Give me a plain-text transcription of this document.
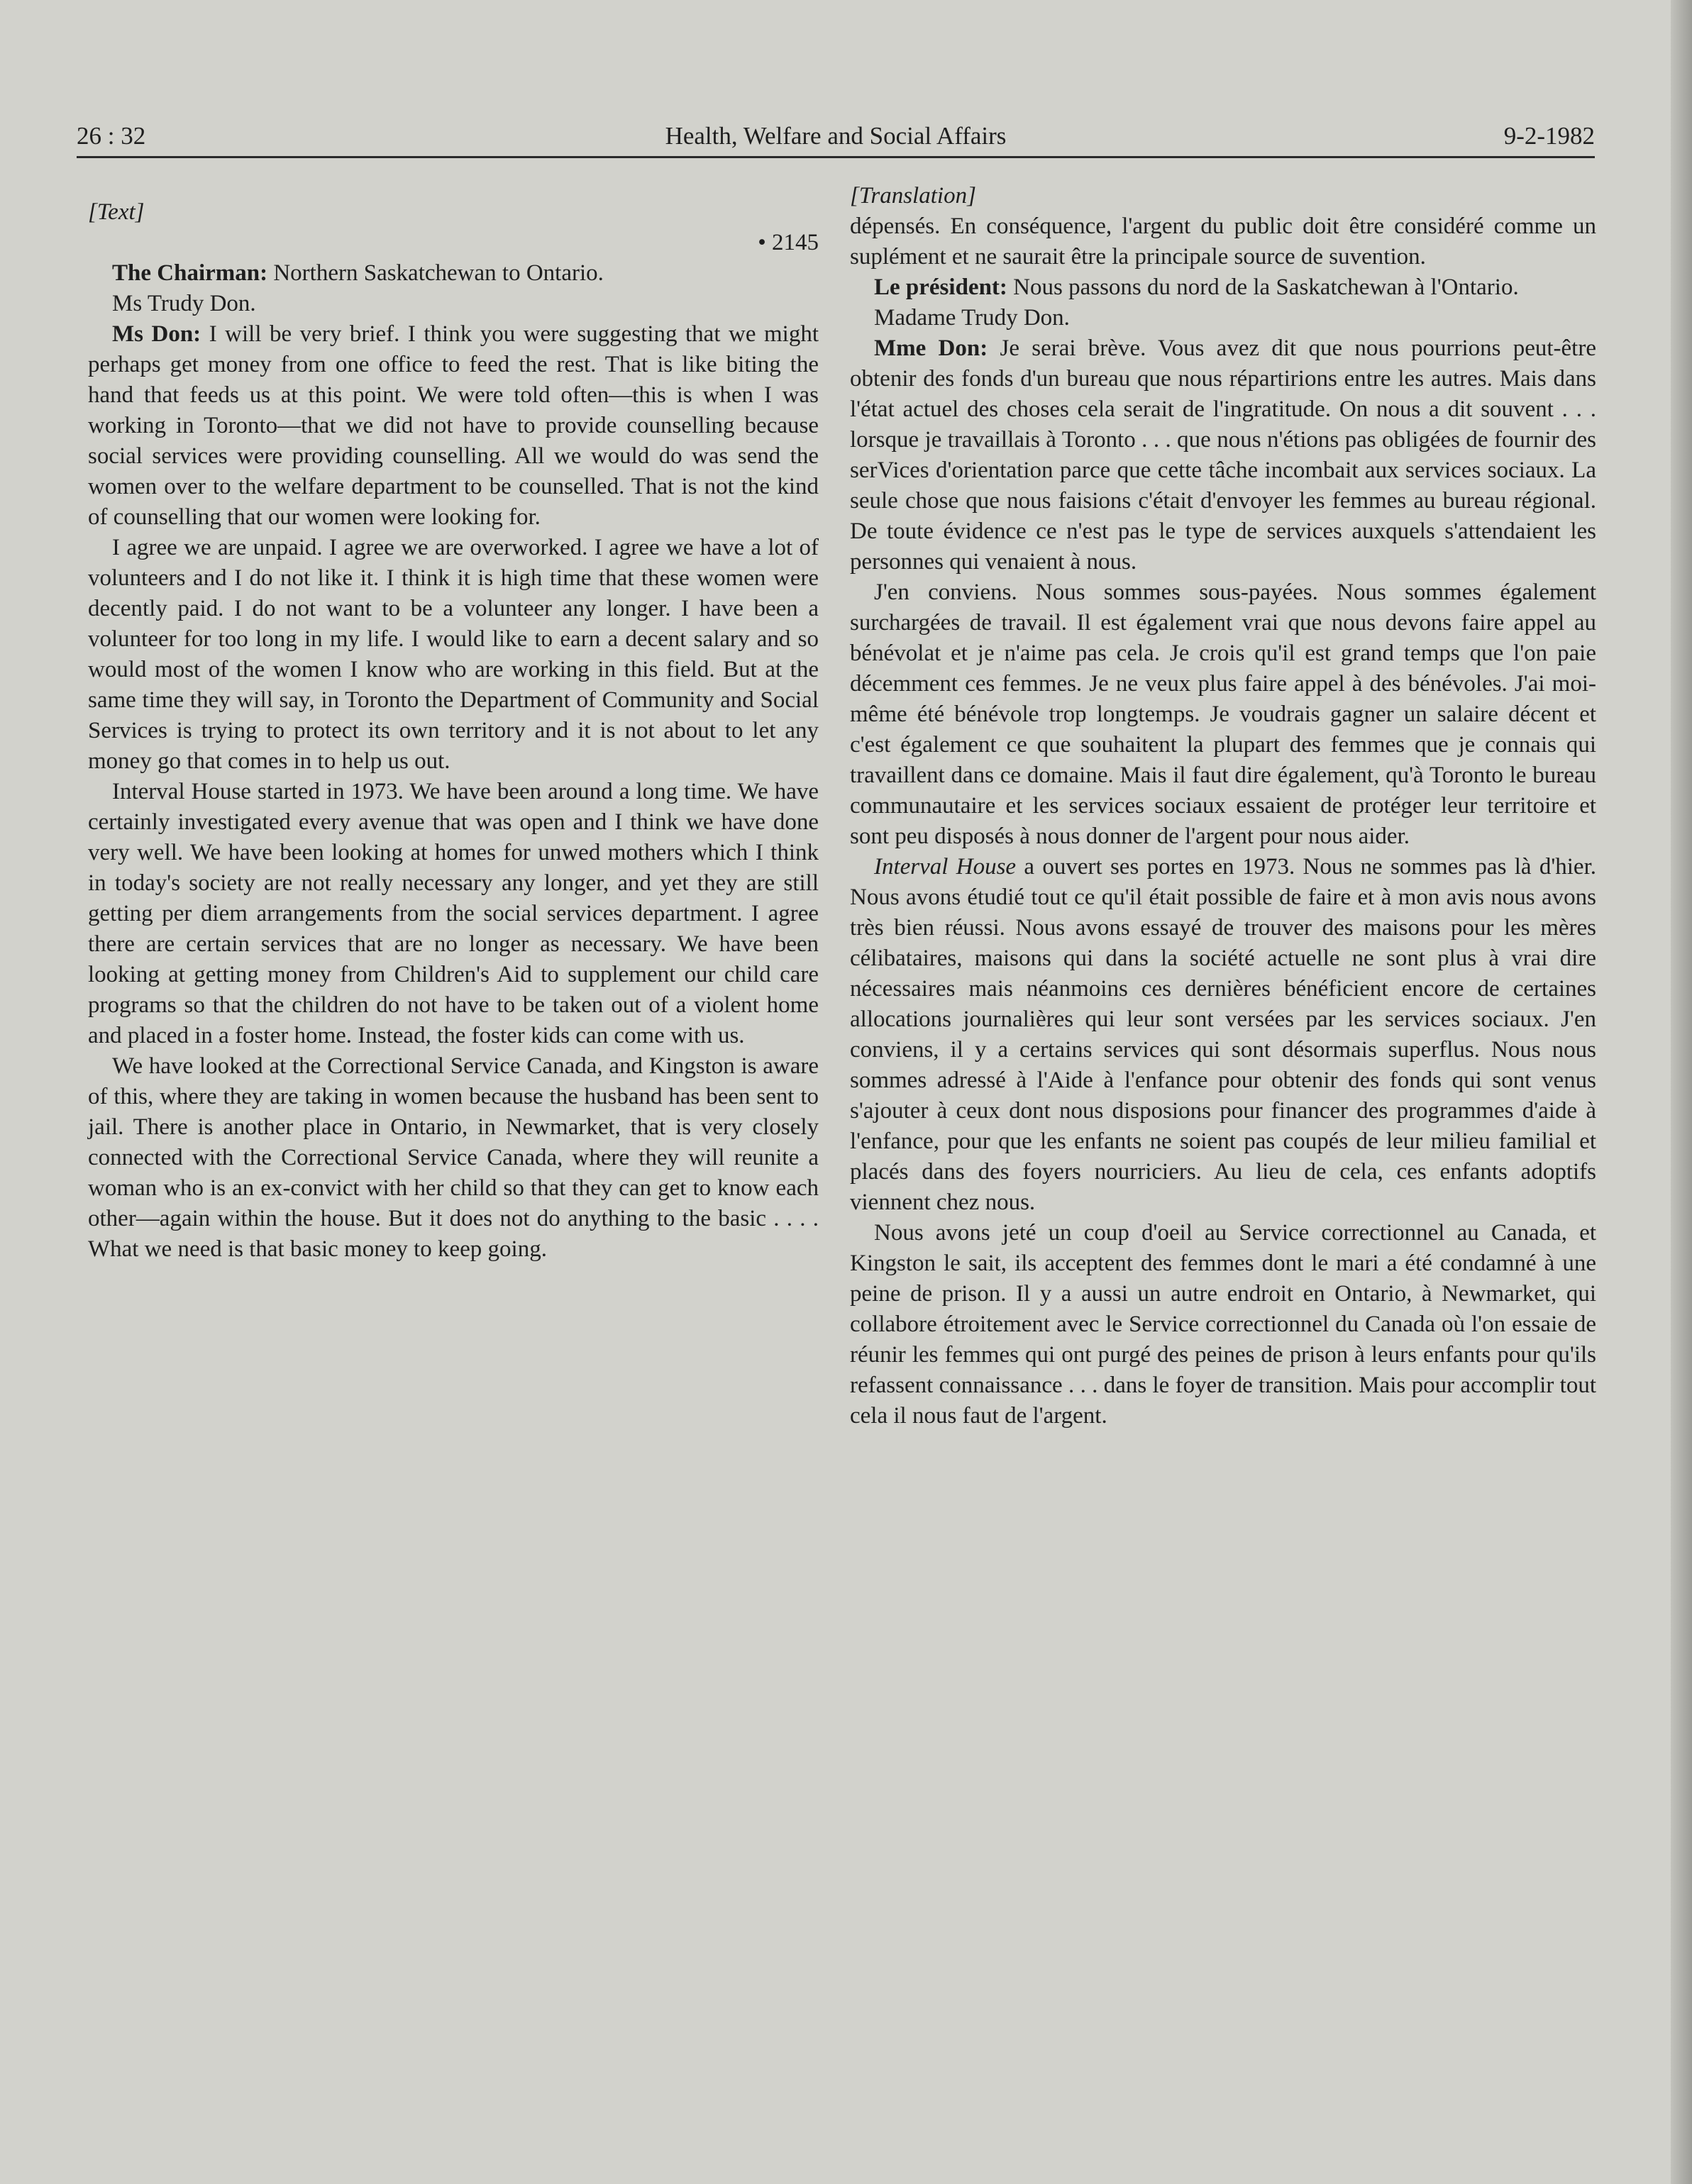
26 : 32	Health, Welfare and Social Affairs	9-2-1982

[Text]

• 2145

The Chairman: Northern Saskatchewan to Ontario.

Ms Trudy Don.

Ms Don: I will be very brief. I think you were suggesting that we might perhaps get money from one office to feed the rest. That is like biting the hand that feeds us at this point. We were told often—this is when I was working in Toronto—that we did not have to provide counselling because social services were providing counselling. All we would do was send the women over to the welfare department to be counselled. That is not the kind of counselling that our women were looking for.

I agree we are unpaid. I agree we are overworked. I agree we have a lot of volunteers and I do not like it. I think it is high time that these women were decently paid. I do not want to be a volunteer any longer. I have been a volunteer for too long in my life. I would like to earn a decent salary and so would most of the women I know who are working in this field. But at the same time they will say, in Toronto the Department of Community and Social Services is trying to protect its own territory and it is not about to let any money go that comes in to help us out.

Interval House started in 1973. We have been around a long time. We have certainly investigated every avenue that was open and I think we have done very well. We have been looking at homes for unwed mothers which I think in today's society are not really necessary any longer, and yet they are still getting per diem arrangements from the social services department. I agree there are certain services that are no longer as necessary. We have been looking at getting money from Children's Aid to supplement our child care programs so that the children do not have to be taken out of a violent home and placed in a foster home. Instead, the foster kids can come with us.

We have looked at the Correctional Service Canada, and Kingston is aware of this, where they are taking in women because the husband has been sent to jail. There is another place in Ontario, in Newmarket, that is very closely connected with the Correctional Service Canada, where they will reunite a woman who is an ex-convict with her child so that they can get to know each other—again within the house. But it does not do anything to the basic . . . . What we need is that basic money to keep going.

[Translation]

dépensés. En conséquence, l'argent du public doit être considéré comme un suplément et ne saurait être la principale source de suvention.

Le président: Nous passons du nord de la Saskatchewan à l'Ontario.

Madame Trudy Don.

Mme Don: Je serai brève. Vous avez dit que nous pourrions peut-être obtenir des fonds d'un bureau que nous répartirions entre les autres. Mais dans l'état actuel des choses cela serait de l'ingratitude. On nous a dit souvent . . . lorsque je travaillais à Toronto . . . que nous n'étions pas obligées de fournir des serVices d'orientation parce que cette tâche incombait aux services sociaux. La seule chose que nous faisions c'était d'envoyer les femmes au bureau régional. De toute évidence ce n'est pas le type de services auxquels s'attendaient les personnes qui venaient à nous.

J'en conviens. Nous sommes sous-payées. Nous sommes également surchargées de travail. Il est également vrai que nous devons faire appel au bénévolat et je n'aime pas cela. Je crois qu'il est grand temps que l'on paie décemment ces femmes. Je ne veux plus faire appel à des bénévoles. J'ai moi-même été bénévole trop longtemps. Je voudrais gagner un salaire décent et c'est également ce que souhaitent la plupart des femmes que je connais qui travaillent dans ce domaine. Mais il faut dire également, qu'à Toronto le bureau communautaire et les services sociaux essaient de protéger leur territoire et sont peu disposés à nous donner de l'argent pour nous aider.

Interval House a ouvert ses portes en 1973. Nous ne sommes pas là d'hier. Nous avons étudié tout ce qu'il était possible de faire et à mon avis nous avons très bien réussi. Nous avons essayé de trouver des maisons pour les mères célibataires, maisons qui dans la société actuelle ne sont plus à vrai dire nécessaires mais néanmoins ces dernières bénéficient encore de certaines allocations journalières qui leur sont versées par les services sociaux. J'en conviens, il y a certains services qui sont désormais superflus. Nous nous sommes adressé à l'Aide à l'enfance pour obtenir des fonds qui sont venus s'ajouter à ceux dont nous disposions pour financer des programmes d'aide à l'enfance, pour que les enfants ne soient pas coupés de leur milieu familial et placés dans des foyers nourriciers. Au lieu de cela, ces enfants adoptifs viennent chez nous.

Nous avons jeté un coup d'oeil au Service correctionnel au Canada, et Kingston le sait, ils acceptent des femmes dont le mari a été condamné à une peine de prison. Il y a aussi un autre endroit en Ontario, à Newmarket, qui collabore étroitement avec le Service correctionnel du Canada où l'on essaie de réunir les femmes qui ont purgé des peines de prison à leurs enfants pour qu'ils refassent connaissance . . . dans le foyer de transition. Mais pour accomplir tout cela il nous faut de l'argent.
